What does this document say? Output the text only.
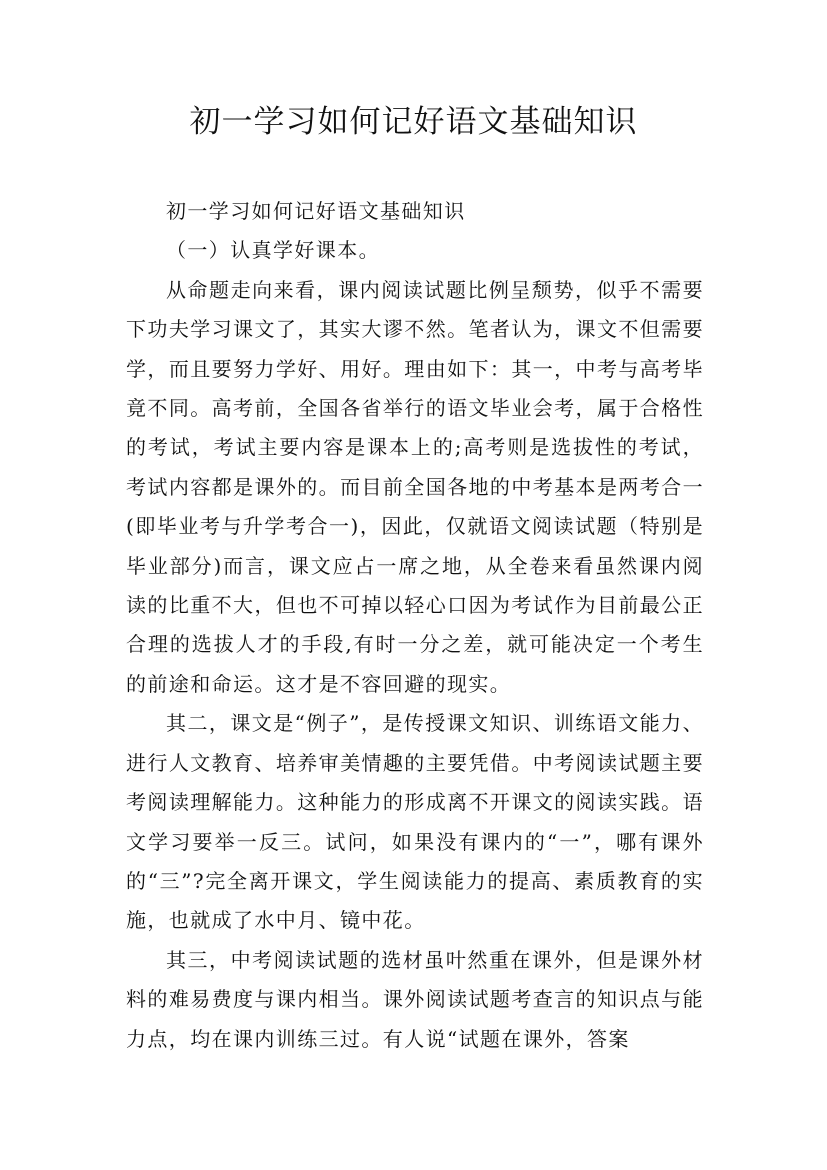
初一学习如何记好语文基础知识

初一学习如何记好语文基础知识

（一）认真学好课本。

从命题走向来看，课内阅读试题比例呈颓势，似乎不需要下功夫学习课文了，其实大谬不然。笔者认为，课文不但需要学，而且要努力学好、用好。理由如下：其一，中考与高考毕竟不同。高考前，全国各省举行的语文毕业会考，属于合格性的考试，考试主要内容是课本上的;高考则是选拔性的考试，考试内容都是课外的。而目前全国各地的中考基本是两考合一(即毕业考与升学考合一)，因此，仅就语文阅读试题（特别是毕业部分)而言，课文应占一席之地，从全卷来看虽然课内阅读的比重不大，但也不可掉以轻心口因为考试作为目前最公正合理的选拔人才的手段,有时一分之差，就可能决定一个考生的前途和命运。这才是不容回避的现实。

其二，课文是“例子”，是传授课文知识、训练语文能力、进行人文教育、培养审美情趣的主要凭借。中考阅读试题主要考阅读理解能力。这种能力的形成离不开课文的阅读实践。语文学习要举一反三。试问，如果没有课内的“一”，哪有课外的“三”?完全离开课文，学生阅读能力的提高、素质教育的实施，也就成了水中月、镜中花。

其三，中考阅读试题的选材虽叶然重在课外，但是课外材料的难易费度与课内相当。课外阅读试题考查言的知识点与能力点，均在课内训练三过。有人说“试题在课外，答案
